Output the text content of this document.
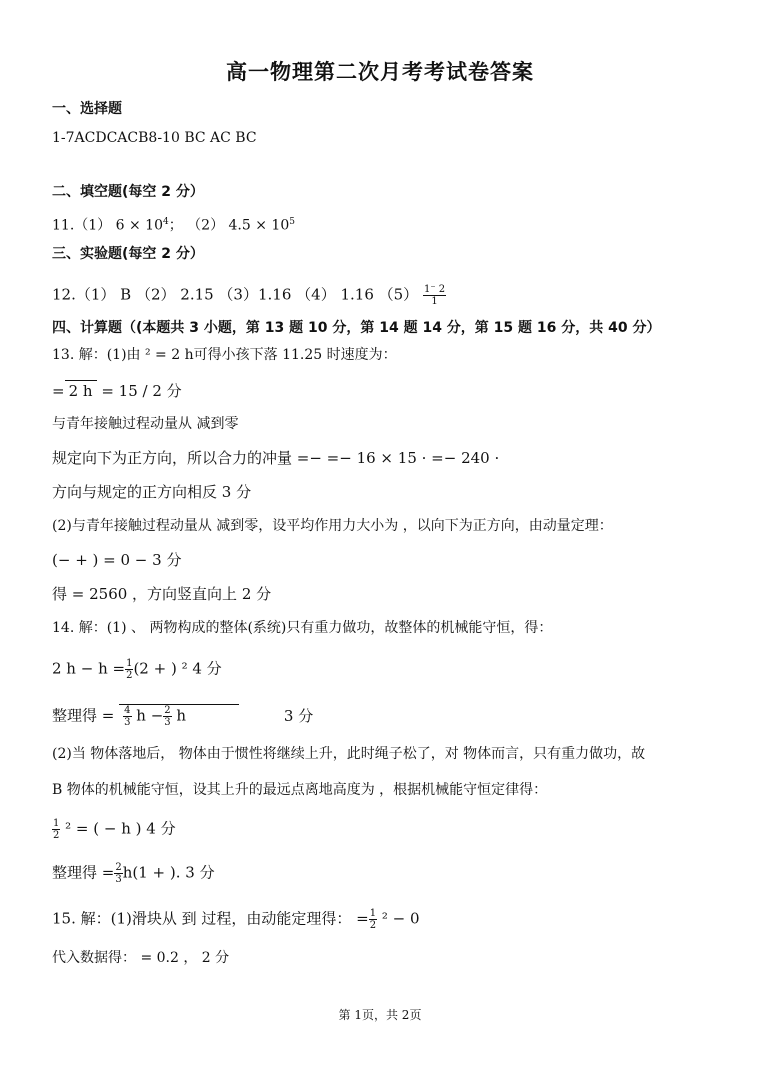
高一物理第二次月考考试卷答案
一、选择题
1-7ACDCACB8-10 BC AC BC
二、填空题(每空 2 分）
11.（1） $6 \times 10^4$； （2） $4.5 \times 10^5$
三、实验题(每空 2 分）
12.（1） B （2） 2.15 （3）1.16 （4） 1.16 $(5) \frac{1^- 2}{1}$
四、计算题（(本题共 3 小题，第 13 题 10 分，第 14 题 14 分，第 15 题 16 分，共 40 分）
13. 解：(1)由 ² = 2 h可得小孩下落 11.25 时速度为：
= 2 h = 15 / 2 分
与青年接触过程动量从 减到零
规定向下为正方向，所以合力的冲量 =− =− 16 × 15 · =− 240 ·
方向与规定的正方向相反 3 分
(2)与青年接触过程动量从 减到零，设平均作用力大小为 ，以向下为正方向，由动量定理：
(− + ) = 0 − 3 分
得 = 2560 ，方向竖直向上 2 分
14. 解：(1) 、 两物构成的整体(系统)只有重力做功，故整体的机械能守恒，得：
2 $h - h = \frac{1}{2} (2$ + ) ² 4 分
整理得 = $\frac{4}{3}$ $h - \frac{2}{3}$ h	3 分
(2)当 物体落地后， 物体由于惯性将继续上升，此时绳子松了，对 物体而言，只有重力做功，故
B 物体的机械能守恒，设其上升的最远点离地高度为 ，根据机械能守恒定律得：
$\frac{1}{2} ^2$ = ( − h ) 4 分
整理得 = $\frac{2}{3} h(1$ + ). 3 分
15. 解：(1)滑块从 到 过程，由动能定理得： = $\frac{1}{2} ^2 - 0$
代入数据得： = 0.2 ， 2 分
第 1页，共 2页
